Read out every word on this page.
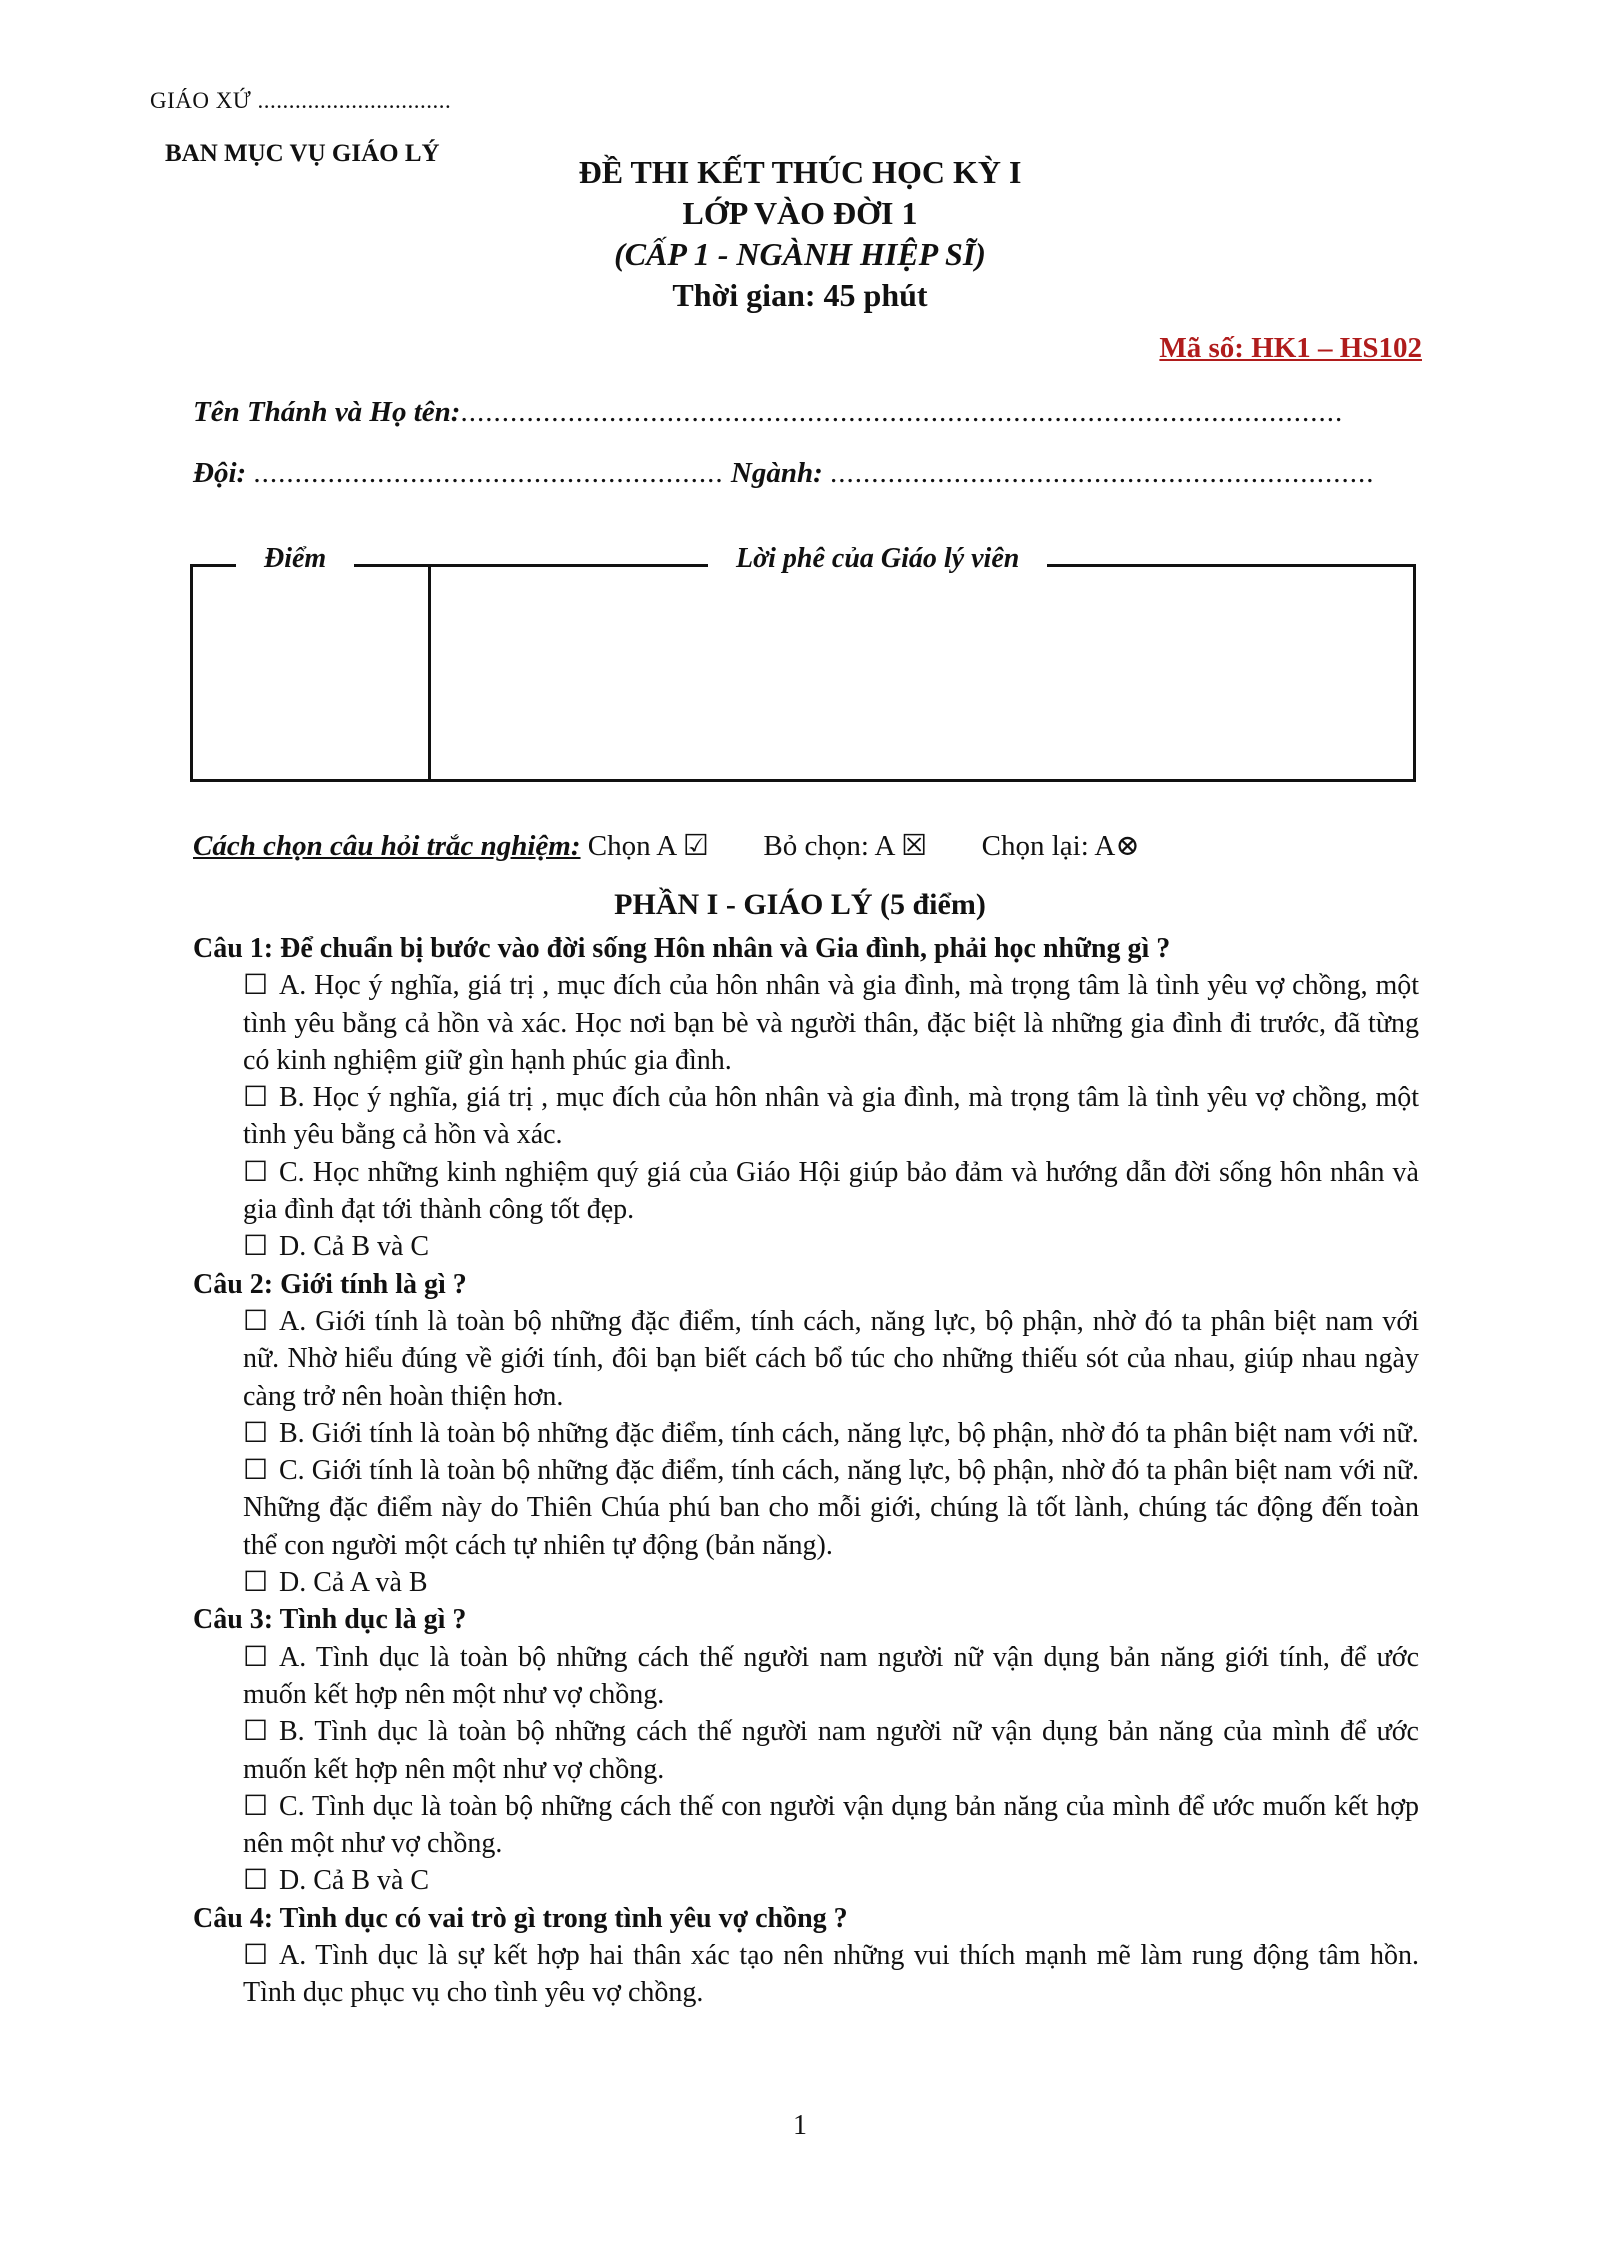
GIÁO XỨ ...............................
BAN MỤC VỤ GIÁO LÝ
ĐỀ THI KẾT THÚC HỌC KỲ I
LỚP VÀO ĐỜI 1
(CẤP 1 - NGÀNH HIỆP SĨ)
Thời gian: 45 phút
Mã số: HK1 – HS102
Tên Thánh và Họ tên:...........................................................................................................
Đội: ......................................................... Ngành: ..................................................................
Điểm	Lời phê của Giáo lý viên
Cách chọn câu hỏi trắc nghiệm: Chọn A ☑ Bỏ chọn: A ☒ Chọn lại: A⊗
PHẦN I - GIÁO LÝ (5 điểm)
Câu 1: Để chuẩn bị bước vào đời sống Hôn nhân và Gia đình, phải học những gì ?
☐ A. Học ý nghĩa, giá trị , mục đích của hôn nhân và gia đình, mà trọng tâm là tình yêu vợ chồng, một tình yêu bằng cả hồn và xác. Học nơi bạn bè và người thân, đặc biệt là những gia đình đi trước, đã từng có kinh nghiệm giữ gìn hạnh phúc gia đình.
☐ B. Học ý nghĩa, giá trị , mục đích của hôn nhân và gia đình, mà trọng tâm là tình yêu vợ chồng, một tình yêu bằng cả hồn và xác.
☐ C. Học những kinh nghiệm quý giá của Giáo Hội giúp bảo đảm và hướng dẫn đời sống hôn nhân và gia đình đạt tới thành công tốt đẹp.
☐ D. Cả B và C
Câu 2: Giới tính là gì ?
☐ A. Giới tính là toàn bộ những đặc điểm, tính cách, năng lực, bộ phận, nhờ đó ta phân biệt nam với nữ. Nhờ hiểu đúng về giới tính, đôi bạn biết cách bổ túc cho những thiếu sót của nhau, giúp nhau ngày càng trở nên hoàn thiện hơn.
☐ B. Giới tính là toàn bộ những đặc điểm, tính cách, năng lực, bộ phận, nhờ đó ta phân biệt nam với nữ.
☐ C. Giới tính là toàn bộ những đặc điểm, tính cách, năng lực, bộ phận, nhờ đó ta phân biệt nam với nữ. Những đặc điểm này do Thiên Chúa phú ban cho mỗi giới, chúng là tốt lành, chúng tác động đến toàn thể con người một cách tự nhiên tự động (bản năng).
☐ D. Cả A và B
Câu 3: Tình dục là gì ?
☐ A. Tình dục là toàn bộ những cách thế người nam người nữ vận dụng bản năng giới tính, để ước muốn kết hợp nên một như vợ chồng.
☐ B. Tình dục là toàn bộ những cách thế người nam người nữ vận dụng bản năng của mình để ước muốn kết hợp nên một như vợ chồng.
☐ C. Tình dục là toàn bộ những cách thế con người vận dụng bản năng của mình để ước muốn kết hợp nên một như vợ chồng.
☐ D. Cả B và C
Câu 4: Tình dục có vai trò gì trong tình yêu vợ chồng ?
☐ A. Tình dục là sự kết hợp hai thân xác tạo nên những vui thích mạnh mẽ làm rung động tâm hồn. Tình dục phục vụ cho tình yêu vợ chồng.
1
